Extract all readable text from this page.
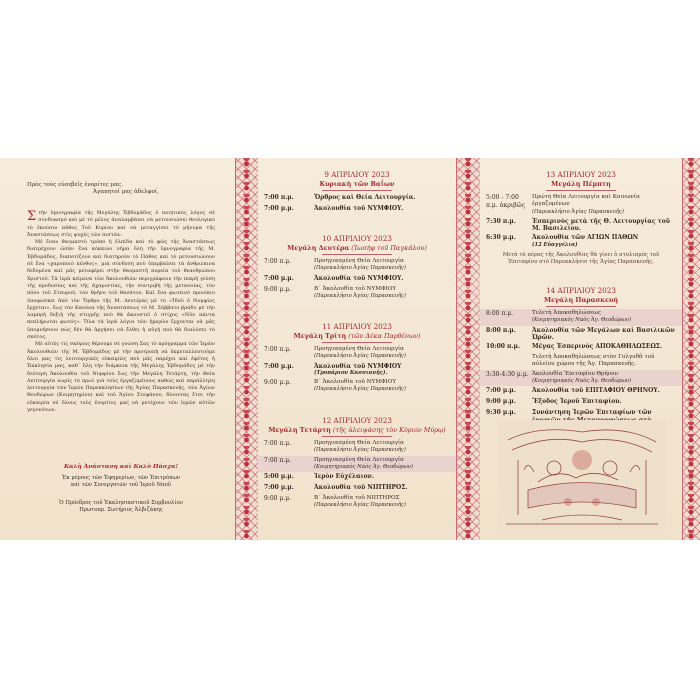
Πρὸς τοὺς εὐσεβεῖς ἐνορίτες μας.
Ἀγαπητοί μας ἀδελφοί,

Στὴν ὑμνογραφία τῆς Μεγάλης Ἑβδομάδος ὁ ποιητικὸς λόγος σὲ συνδυασμό καὶ μὲ τὸ μέλος ἀναλαμβάνει νὰ μετουσιώσει θεολογικὸ τὸ ἐκούσιο πάθος Τοῦ Κυρίου καὶ νὰ μεταγγίσει τὸ μήνυμα τῆς Ἀναστάσεως στὶς ψυχὲς τῶν πιστῶν.

Μὲ ἕναν θαυμαστὸ τρόπο ἡ ἐλπίδα καὶ τὸ φῶς τῆς Ἀναστάσεως διατρέχουν ὡσὰν ἕνα κόκκινο νῆμα ὅλη τὴν ὑμνογραφία τῆς Μ. Ἑβδομάδος, διαποτίζουν καὶ διατηροῦν τὸ Πάθος καὶ τὸ μετουσιώνουν σὲ ἕνα «χαροποιὸ πένθος», μιὰ σύνδεση ποὺ ὑπερβαίνει τὰ ἀνθρώπινα δεδομένα καὶ μᾶς μεταφέρει στὴν θαυμαστὴ πορεία τοῦ θεανθρώπου Χριστοῦ. Τὰ ἱερὰ κείμενα τῶν Ἀκολουθιῶν περιγράφουν τὴν πικρὴ γεύση τῆς προδοσίας καὶ τῆς ἀχαριστίας, τὴν συντριβὴ τῆς μετανοίας, τὸν πόνο τοῦ Σταυροῦ, τὸν θρῆνο τοῦ θανάτου. Καὶ ἕνα φωτεινὸ προοίκιο ὑποφώσκει ἀπὸ τὸν Ὄρθρο τῆς Μ. Δευτέρας μὲ τὸ «Ἰδοὺ ὁ Νυμφίος ἔρχεται», ἕως τὸν Κανόνα τῆς Ἀναστάσεως τὸ Μ. Σάββατο βράδυ μὲ τὴν λαμπρὴ δεξιὴ τῆς στιγμῆς ποὺ θὰ ἀκουστεῖ ὁ στίχος «Νῦν πάντα πεπλήρωται φωτός». Ὅλα τὰ ἱερὰ λόγια τῶν ἡμερῶν ἔρχονται νὰ μᾶς ὑπομνήσουν πὼς δὲν θὰ ἀργήσει νὰ ἔλθει ἡ αὐγὴ ποὺ θὰ διαλύσει τὸ σκότος.

Μὲ αὐτὲς τὶς σκέψεις θέρουμε σὲ γνώση Σας τὸ πρόγραμμα τῶν Ἱερῶν Ἀκολουθιῶν τῆς Μ. Ἑβδομάδος μὲ τὴν προτροπὴ νὰ ἐκμεταλλευτοῦμε ὅλοι μας τὶς λειτουργικὲς εὐκαιρίες ποὺ μᾶς παρέχει καὶ ἐφέτος ἡ Ἐκκλησία μας, καθ᾽ ὅλη τὴν διάρκεια τῆς Μεγάλης Ἑβδομάδος μὲ τὴν δεύτερη Ἀκολουθία τοῦ Νυμφίου ἕως τὴν Μεγάλη Τετάρτη, τὴν Θεία Λειτουργία νωρὶς τὸ πρωὶ γιὰ τοὺς ἐργαζομένους καθὼς καὶ παράλληλη λειτουργία τῶν Ἱερῶν Παρεκκλησίων τῆς Ἁγίας Παρασκευῆς, τῶν Ἁγίων Θεοδώρων (Κοιμητηρίου) καὶ τοῦ Ἁγίου Στεφάνου, δίνοντας ἔτσι τὴν εὐκαιρία σὲ ὅλους τοὺς ἐνορίτες μας νὰ μετέχουν τῶν ἱερῶν αὐτῶν γεγονότων.

Καλὴ Ἀνάσταση καὶ Καλὸ Πάσχα!
Ἐκ μέρους τῶν Ἐφημερίων, τῶν Ἐπιτρόπων
καὶ τῶν Συνεργατῶν τοῦ Ἱεροῦ Ναοῦ
Ὁ Πρόεδρος τοῦ Ἐκκλησιαστικοῦ Συμβουλίου
Πρωτοπρ. Σωτήριος Ἀλβιζάκης
9 ΑΠΡΙΛΙΟΥ 2023
Κυριακὴ τῶν Βαΐων
7:00 π.μ.	Ὄρθρος καὶ Θεία Λειτουργία.
7:00 μ.μ.	Ἀκολουθία τοῦ ΝΥΜΦΙΟΥ.
10 ΑΠΡΙΛΙΟΥ 2023
Μεγάλη Δευτέρα (Ἰωσὴφ τοῦ Παγκάλου)
7:00 π.μ.	Προηγιασμένη Θεία Λειτουργία
(Παρεκκλήσιο Ἁγίας Παρασκευῆς)
7:00 μ.μ.	Ἀκολουθία τοῦ ΝΥΜΦΙΟΥ.
9:00 μ.μ.	Β´ Ἀκολουθία τοῦ ΝΥΜΦΙΟΥ
(Παρεκκλήσιο Ἁγίας Παρασκευῆς)
11 ΑΠΡΙΛΙΟΥ 2023
Μεγάλη Τρίτη (τῶν Δέκα Παρθένων)
7:00 π.μ.	Προηγιασμένη Θεία Λειτουργία
(Παρεκκλήσιο Ἁγίας Παρασκευῆς)
7:00 μ.μ.	Ἀκολουθία τοῦ ΝΥΜΦΙΟΥ
(Τροπάριον Κασσιανῆς).
9:00 μ.μ.	Β´ Ἀκολουθία τοῦ ΝΥΜΦΙΟΥ
(Παρεκκλήσιο Ἁγίας Παρασκευῆς)
12 ΑΠΡΙΛΙΟΥ 2023
Μεγάλη Τετάρτη (τῆς ἀλειψάσης τὸν Κύριον Μύρῳ)
7:00 π.μ.	Προηγιασμένη Θεία Λειτουργία
(Παρεκκλήσιο Ἁγίας Παρασκευῆς)
7:00 π.μ.	Προηγιασμένη Θεία Λειτουργία
(Κοιμητηριακὸς Ναὸς Ἁγ. Θεοδώρων)
5:00 μ.μ.	Ἱερὸν Εὐχέλαιον.
7:00 μ.μ.	Ἀκολουθία τοῦ ΝΙΠΤΗΡΟΣ.
9:00 μ.μ.	Β´ Ἀκολουθία τοῦ ΝΙΠΤΗΡΟΣ
(Παρεκκλήσιο Ἁγίας Παρασκευῆς)
13 ΑΠΡΙΛΙΟΥ 2023
Μεγάλη Πέμπτη
5:00 - 7:00 π.μ. ἀκριβῶς
Πρώτη Θεία Λειτουργία καὶ Κοινωνία ἐργαζομένων
(Παρεκκλήσιο Ἁγίας Παρασκευῆς)
7:30 π.μ.	Ἑσπερινὸς μετὰ τῆς Θ. Λειτουργίας τοῦ Μ. Βασιλείου.
6:30 μ.μ.	Ἀκολουθία τῶν ΑΓΙΩΝ ΠΑΘΩΝ
(12 Εὐαγγέλια)
Μετὰ τὸ πέρας τῆς Ἀκολουθίας θὰ γίνει ὁ στολισμὸς τοῦ Ἐπιταφίου στὸ Παρεκκλήσιο τῆς Ἁγίας Παρασκευῆς.
14 ΑΠΡΙΛΙΟΥ 2023
Μεγάλη Παρασκευή
8:00 π.μ.	Τελετὴ Ἀποκαθηλώσεως
(Κοιμητηριακὸς Ναὸς Ἁγ. Θεοδώρων)
8:00 π.μ.	Ἀκολουθία τῶν Μεγάλων καὶ Βασιλικῶν Ὡρῶν.
10:00 π.μ.	Μέγας Ἑσπερινὸς ΑΠΟΚΑΘΗΛΩΣΕΩΣ.
Τελετὴ Ἀποκαθηλώσεως στὸν Γολγοθᾶ τοῦ αὐλείου χώρου τῆς Ἁγ. Παρασκευῆς.
3:30-4:30 μ.μ. Ἀκολουθία Ἐπιταφίου Θρήνου
(Κοιμητηριακὸς Ναὸς Ἁγ. Θεοδώρων)
7:00 μ.μ.	Ἀκολουθία τοῦ ΕΠΙΤΑΦΙΟΥ ΘΡΗΝΟΥ.
9:00 μ.μ.	Ἔξοδος Ἱεροῦ Ἐπιταφίου.
9:30 μ.μ.	Συνάντηση Ἱερῶν Ἐπιταφίων τῶν
